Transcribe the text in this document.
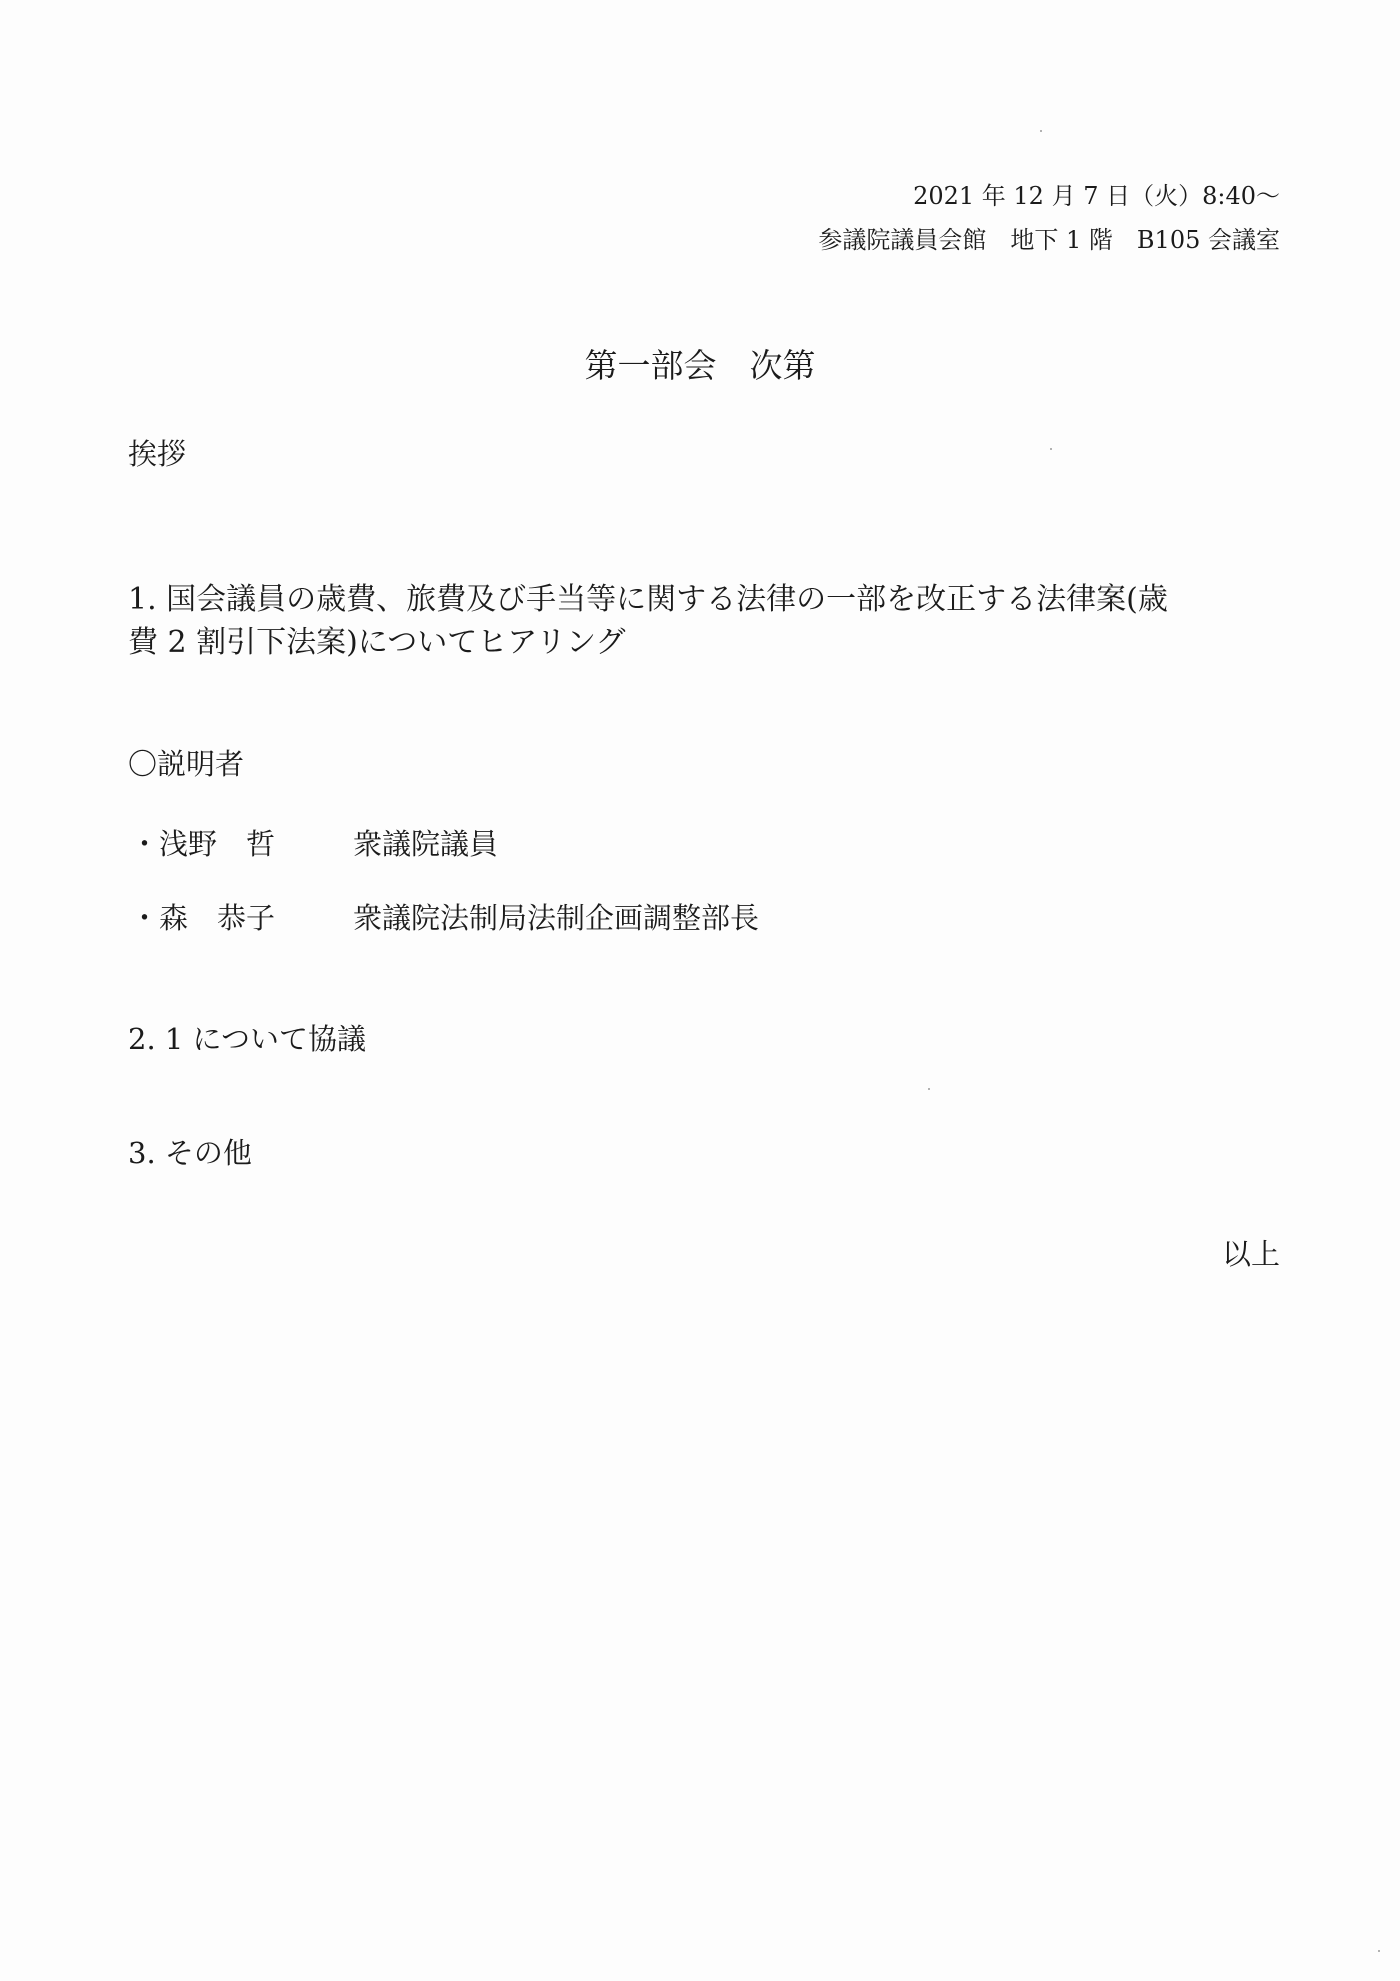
2021 年 12 月 7 日（火）8:40～
参議院議員会館　地下 1 階　B105 会議室
第一部会　次第
挨拶
1. 国会議員の歳費、旅費及び手当等に関する法律の一部を改正する法律案(歳
費 2 割引下法案)についてヒアリング
〇説明者
・浅野　哲	衆議院議員
・森　恭子	衆議院法制局法制企画調整部長
2. 1 について協議
3. その他
以上
